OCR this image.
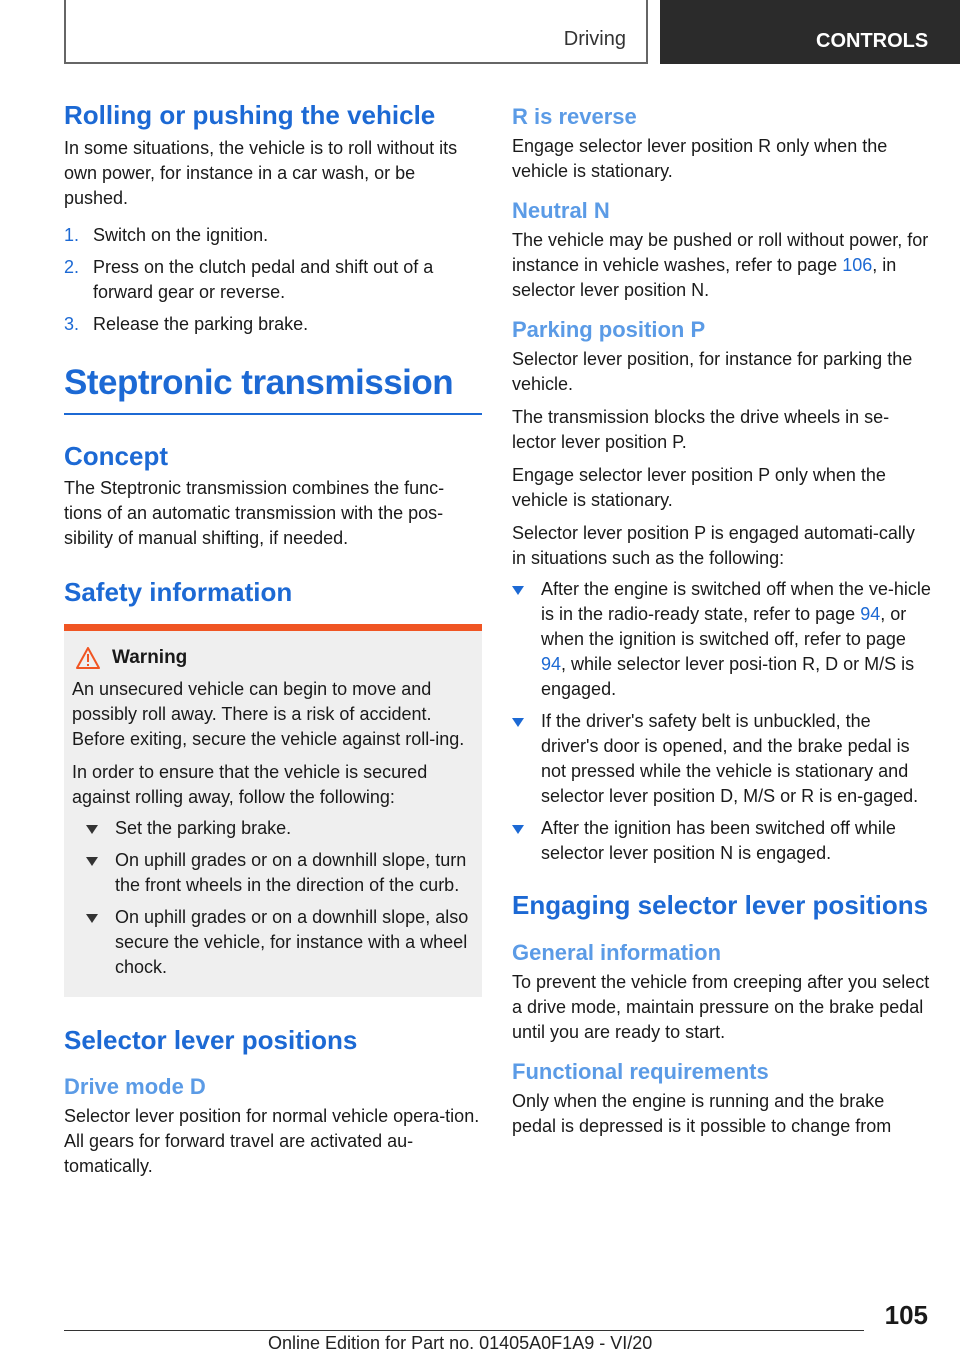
Driving	CONTROLS
Rolling or pushing the vehicle

In some situations, the vehicle is to roll without its own power, for instance in a car wash, or be pushed.

1. Switch on the ignition.
2. Press on the clutch pedal and shift out of a forward gear or reverse.
3. Release the parking brake.
Steptronic transmission
Concept

The Steptronic transmission combines the func-tions of an automatic transmission with the pos-sibility of manual shifting, if needed.

Safety information
Warning

An unsecured vehicle can begin to move and possibly roll away. There is a risk of accident. Before exiting, secure the vehicle against roll-ing.

In order to ensure that the vehicle is secured against rolling away, follow the following:

Set the parking brake.
On uphill grades or on a downhill slope, turn the front wheels in the direction of the curb.
On uphill grades or on a downhill slope, also secure the vehicle, for instance with a wheel chock.
Selector lever positions
Drive mode D

Selector lever position for normal vehicle opera-tion. All gears for forward travel are activated au-tomatically.

R is reverse

Engage selector lever position R only when the vehicle is stationary.

Neutral N

The vehicle may be pushed or roll without power, for instance in vehicle washes, refer to page 106, in selector lever position N.

Parking position P

Selector lever position, for instance for parking the vehicle.

The transmission blocks the drive wheels in se-lector lever position P.

Engage selector lever position P only when the vehicle is stationary.

Selector lever position P is engaged automati-cally in situations such as the following:

After the engine is switched off when the ve-hicle is in the radio-ready state, refer to page 94, or when the ignition is switched off, refer to page 94, while selector lever posi-tion R, D or M/S is engaged.
If the driver's safety belt is unbuckled, the driver's door is opened, and the brake pedal is not pressed while the vehicle is stationary and selector lever position D, M/S or R is en-gaged.
After the ignition has been switched off while selector lever position N is engaged.
Engaging selector lever positions
General information

To prevent the vehicle from creeping after you select a drive mode, maintain pressure on the brake pedal until you are ready to start.

Functional requirements

Only when the engine is running and the brake pedal is depressed is it possible to change from

105
Online Edition for Part no. 01405A0F1A9 - VI/20
